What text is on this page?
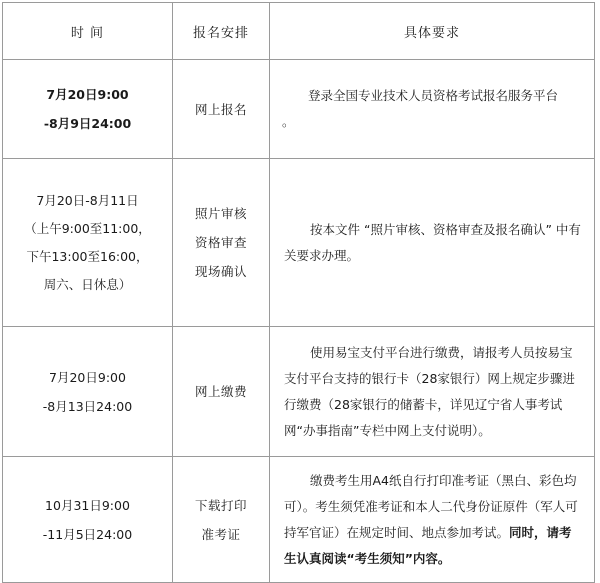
时 间	报名安排	具体要求

7月20日9:00
-8月9日24:00	网上报名	登录全国专业技术人员资格考试报名服务平台
。

7月20日-8月11日
（上午9:00至11:00，
下午13:00至16:00，
周六、日休息）	照片审核
资格审查
现场确认	按本文件 “照片审核、资格审查及报名确认” 中有关要求办理。

7月20日9:00
-8月13日24:00	网上缴费	使用易宝支付平台进行缴费，请报考人员按易宝支付平台支持的银行卡（28家银行）网上规定步骤进行缴费（28家银行的储蓄卡，详见辽宁省人事考试网“办事指南”专栏中网上支付说明）。

10月31日9:00
-11月5日24:00	下载打印
准考证	缴费考生用A4纸自行打印准考证（黑白、彩色均可）。考生须凭准考证和本人二代身份证原件（军人可持军官证）在规定时间、地点参加考试。同时，请考生认真阅读“考生须知”内容。
